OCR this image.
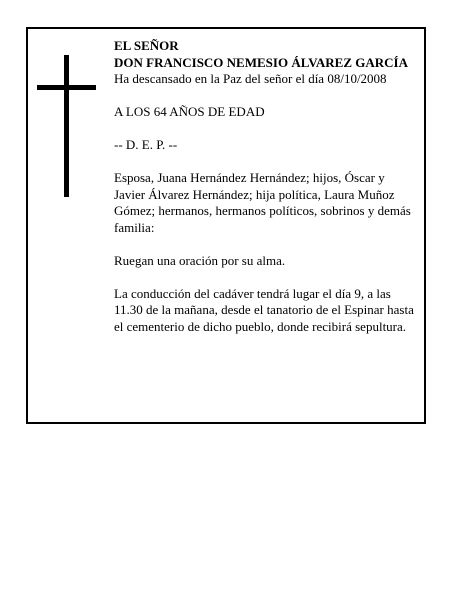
EL SEÑOR

DON FRANCISCO NEMESIO ÁLVAREZ GARCÍA

Ha descansado en la Paz del señor el día 08/10/2008

A LOS 64 AÑOS DE EDAD

-- D. E. P. --

Esposa, Juana Hernández Hernández; hijos, Óscar y Javier Álvarez Hernández; hija política, Laura Muñoz Gómez; hermanos, hermanos políticos, sobrinos y demás familia:

Ruegan una oración por su alma.

La conducción del cadáver tendrá lugar el día 9, a las 11.30 de la mañana, desde el tanatorio de el Espinar hasta el cementerio de dicho pueblo, donde recibirá sepultura.
